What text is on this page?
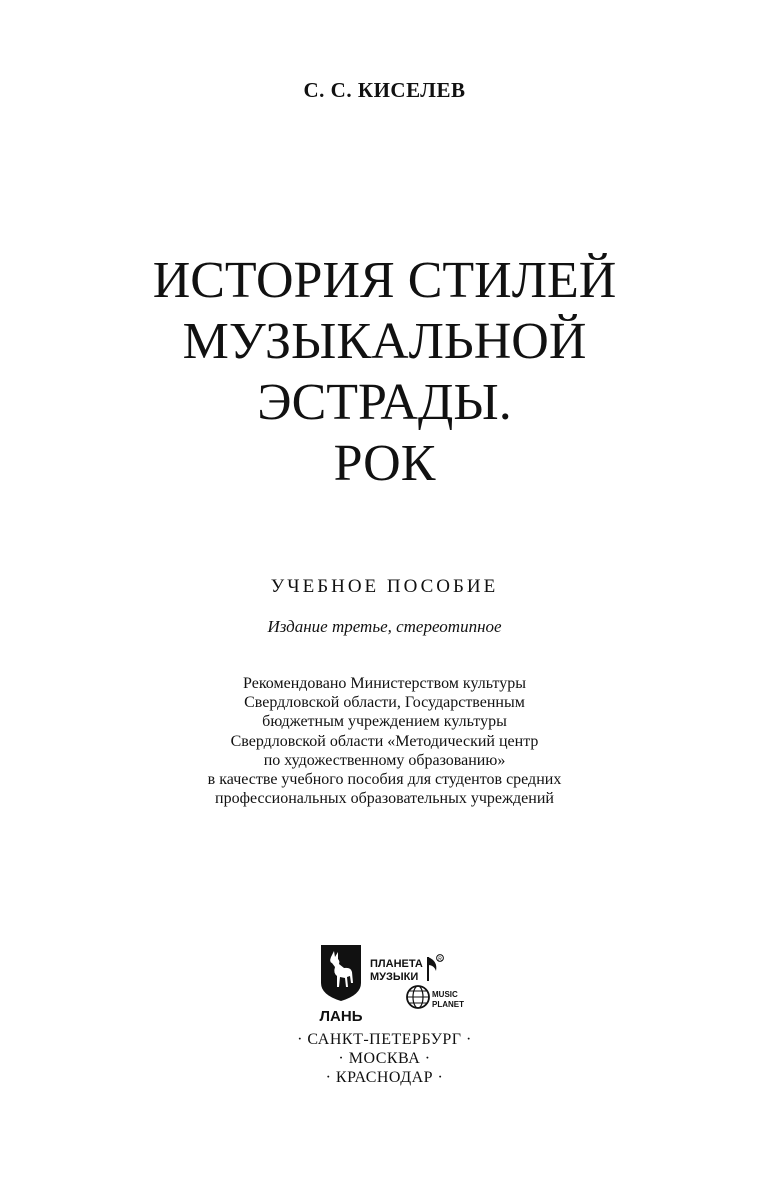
С. С. КИСЕЛЕВ
ИСТОРИЯ СТИЛЕЙ
МУЗЫКАЛЬНОЙ
ЭСТРАДЫ.
РОК
УЧЕБНОЕ ПОСОБИЕ
Издание третье, стереотипное
Рекомендовано Министерством культуры
Свердловской области, Государственным
бюджетным учреждением культуры
Свердловской области «Методический центр
по художественному образованию»
в качестве учебного пособия для студентов средних
профессиональных образовательных учреждений
ЛАНЬ
ПЛАНЕТА
МУЗЫКИ
R
MUSIC
PLANET
· САНКТ-ПЕТЕРБУРГ ·
· МОСКВА ·
· КРАСНОДАР ·
